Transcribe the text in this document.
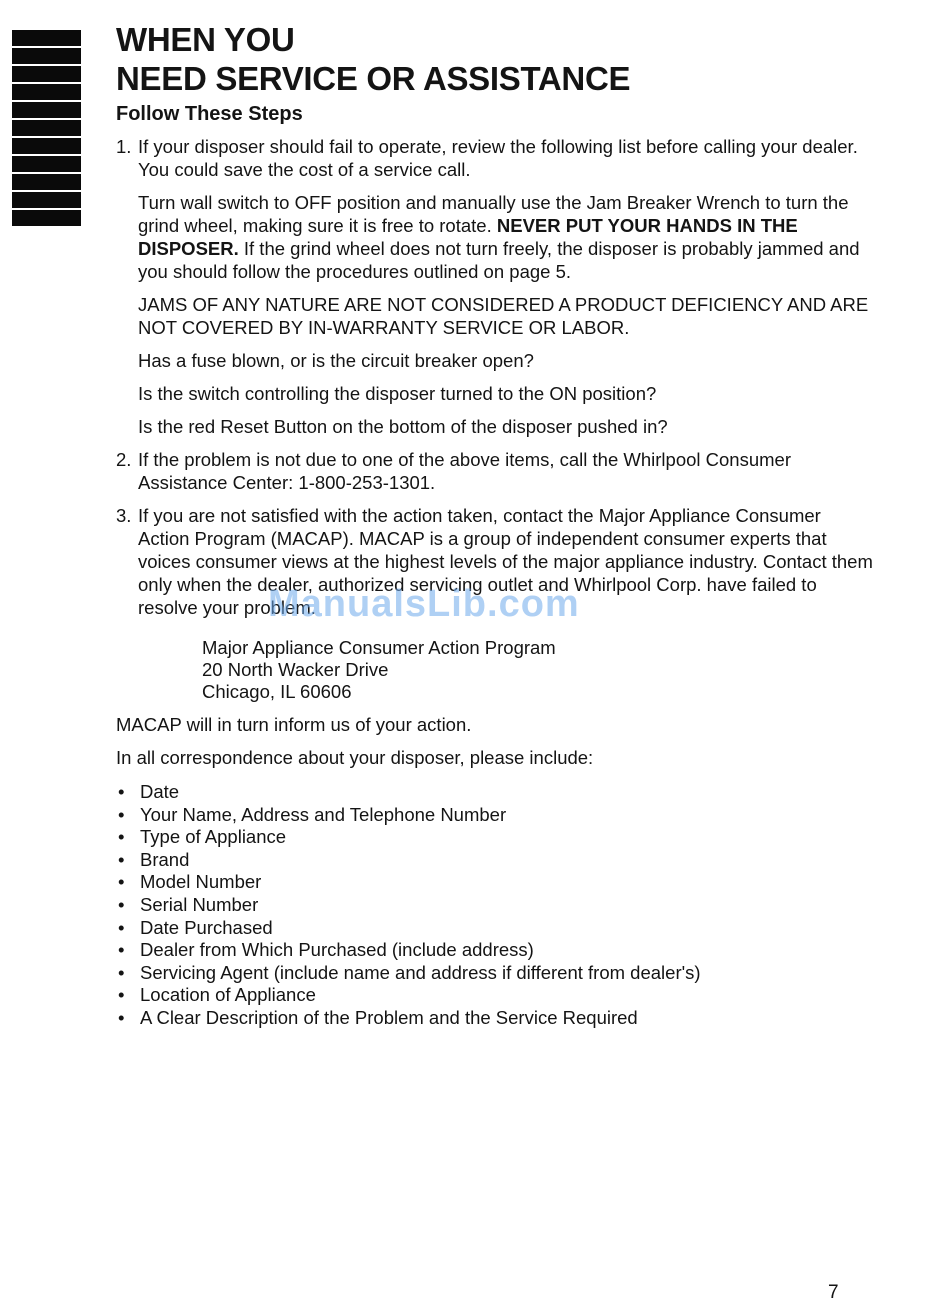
WHEN YOU
NEED SERVICE OR ASSISTANCE
Follow These Steps
1. If your disposer should fail to operate, review the following list before calling your dealer. You could save the cost of a service call.

Turn wall switch to OFF position and manually use the Jam Breaker Wrench to turn the grind wheel, making sure it is free to rotate. NEVER PUT YOUR HANDS IN THE DISPOSER. If the grind wheel does not turn freely, the disposer is probably jammed and you should follow the procedures outlined on page 5.

JAMS OF ANY NATURE ARE NOT CONSIDERED A PRODUCT DEFICIENCY AND ARE NOT COVERED BY IN-WARRANTY SERVICE OR LABOR.

Has a fuse blown, or is the circuit breaker open?

Is the switch controlling the disposer turned to the ON position?

Is the red Reset Button on the bottom of the disposer pushed in?

2. If the problem is not due to one of the above items, call the Whirlpool Consumer Assistance Center: 1-800-253-1301.
3. If you are not satisfied with the action taken, contact the Major Appliance Consumer Action Program (MACAP). MACAP is a group of independent consumer experts that voices consumer views at the highest levels of the major appliance industry. Contact them only when the dealer, authorized servicing outlet and Whirlpool Corp. have failed to resolve your problem.
Major Appliance Consumer Action Program
20 North Wacker Drive
Chicago, IL 60606

MACAP will in turn inform us of your action.

In all correspondence about your disposer, please include:

• Date
• Your Name, Address and Telephone Number
• Type of Appliance
• Brand
• Model Number
• Serial Number
• Date Purchased
• Dealer from Which Purchased (include address)
• Servicing Agent (include name and address if different from dealer's)
• Location of Appliance
• A Clear Description of the Problem and the Service Required
ManualsLib.com
7
